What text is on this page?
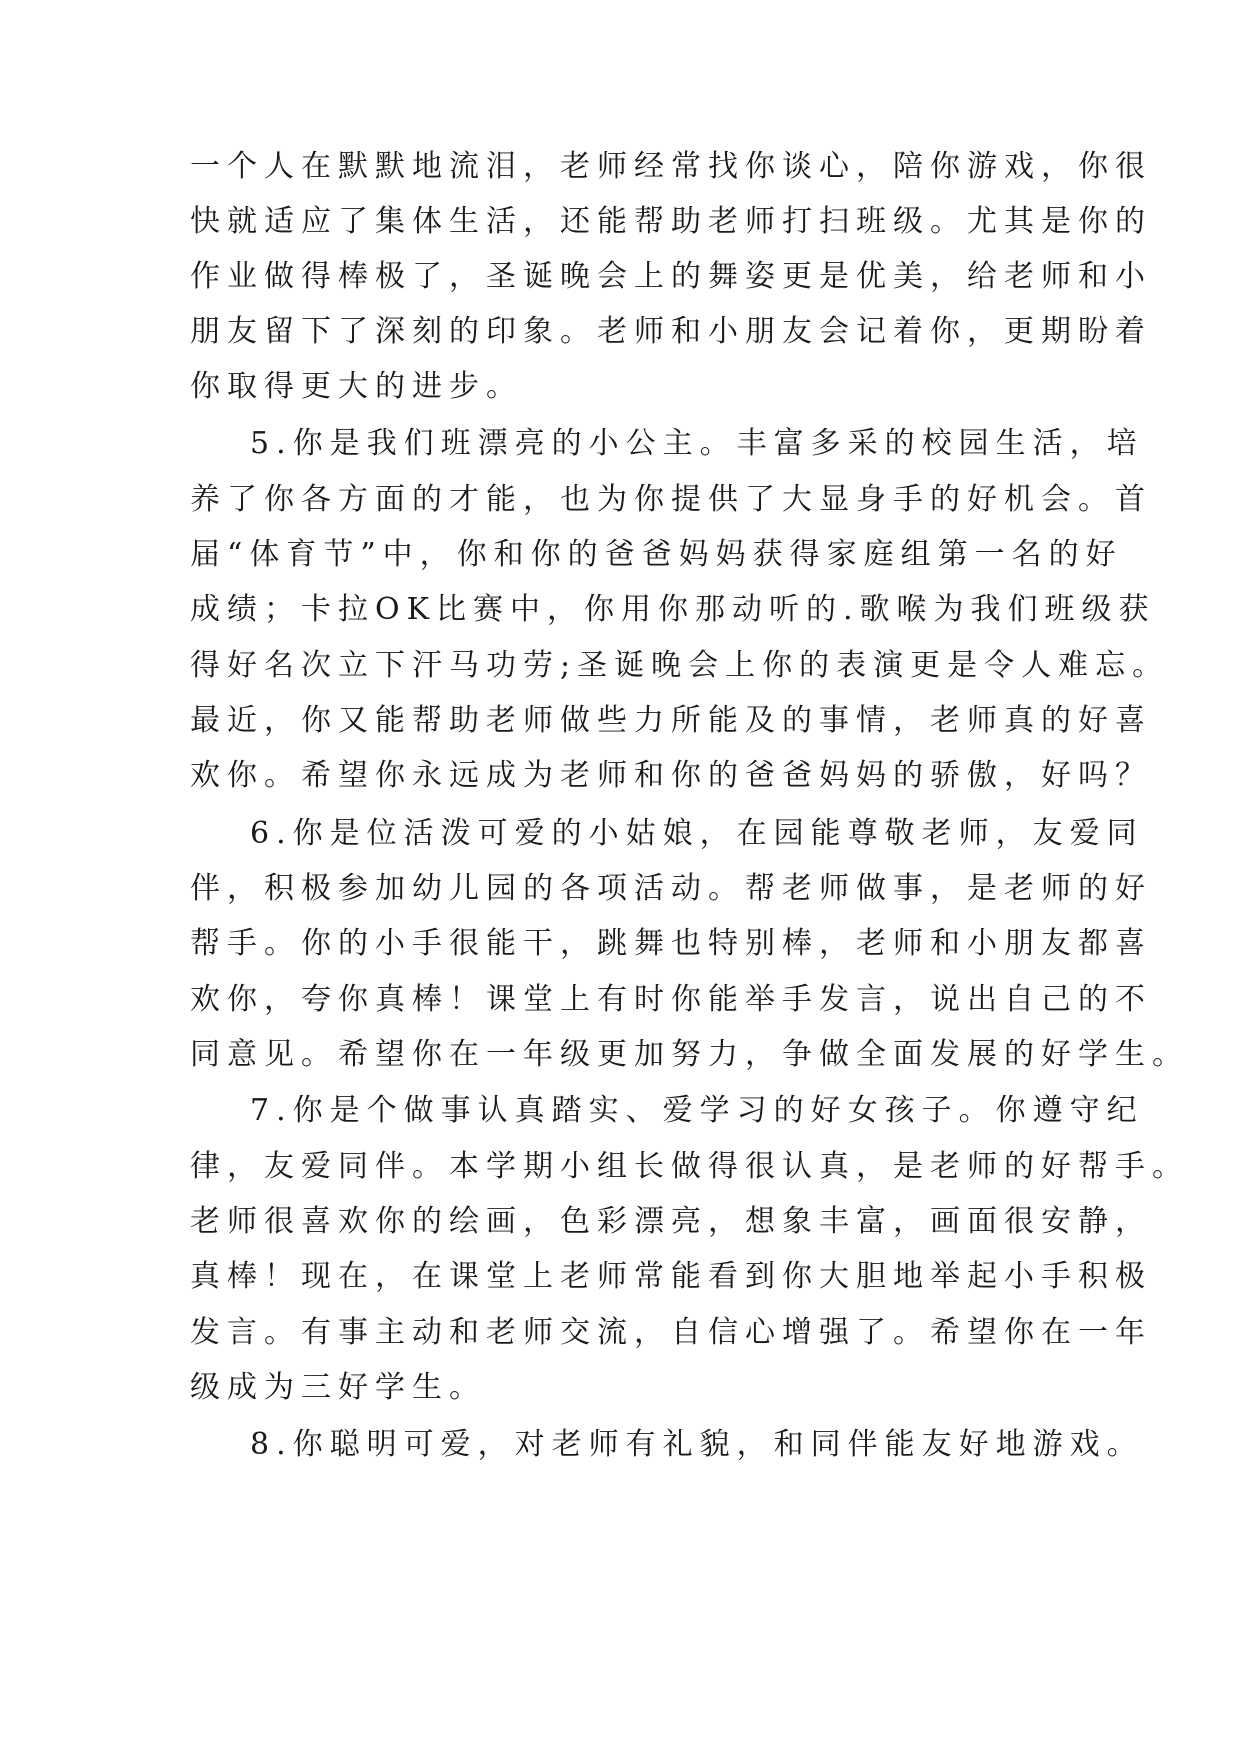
一个人在默默地流泪，老师经常找你谈心，陪你游戏，你很
快就适应了集体生活，还能帮助老师打扫班级。尤其是你的
作业做得棒极了，圣诞晚会上的舞姿更是优美，给老师和小
朋友留下了深刻的印象。老师和小朋友会记着你，更期盼着
你取得更大的进步。
5.你是我们班漂亮的小公主。丰富多采的校园生活，培
养了你各方面的才能，也为你提供了大显身手的好机会。首
届“体育节”中，你和你的爸爸妈妈获得家庭组第一名的好
成绩；卡拉OK比赛中，你用你那动听的.歌喉为我们班级获
得好名次立下汗马功劳;圣诞晚会上你的表演更是令人难忘。
最近，你又能帮助老师做些力所能及的事情，老师真的好喜
欢你。希望你永远成为老师和你的爸爸妈妈的骄傲，好吗？
6.你是位活泼可爱的小姑娘，在园能尊敬老师，友爱同
伴，积极参加幼儿园的各项活动。帮老师做事，是老师的好
帮手。你的小手很能干，跳舞也特别棒，老师和小朋友都喜
欢你，夸你真棒！课堂上有时你能举手发言，说出自己的不
同意见。希望你在一年级更加努力，争做全面发展的好学生。
7.你是个做事认真踏实、爱学习的好女孩子。你遵守纪
律，友爱同伴。本学期小组长做得很认真，是老师的好帮手。
老师很喜欢你的绘画，色彩漂亮，想象丰富，画面很安静，
真棒！现在，在课堂上老师常能看到你大胆地举起小手积极
发言。有事主动和老师交流，自信心增强了。希望你在一年
级成为三好学生。
8.你聪明可爱，对老师有礼貌，和同伴能友好地游戏。
